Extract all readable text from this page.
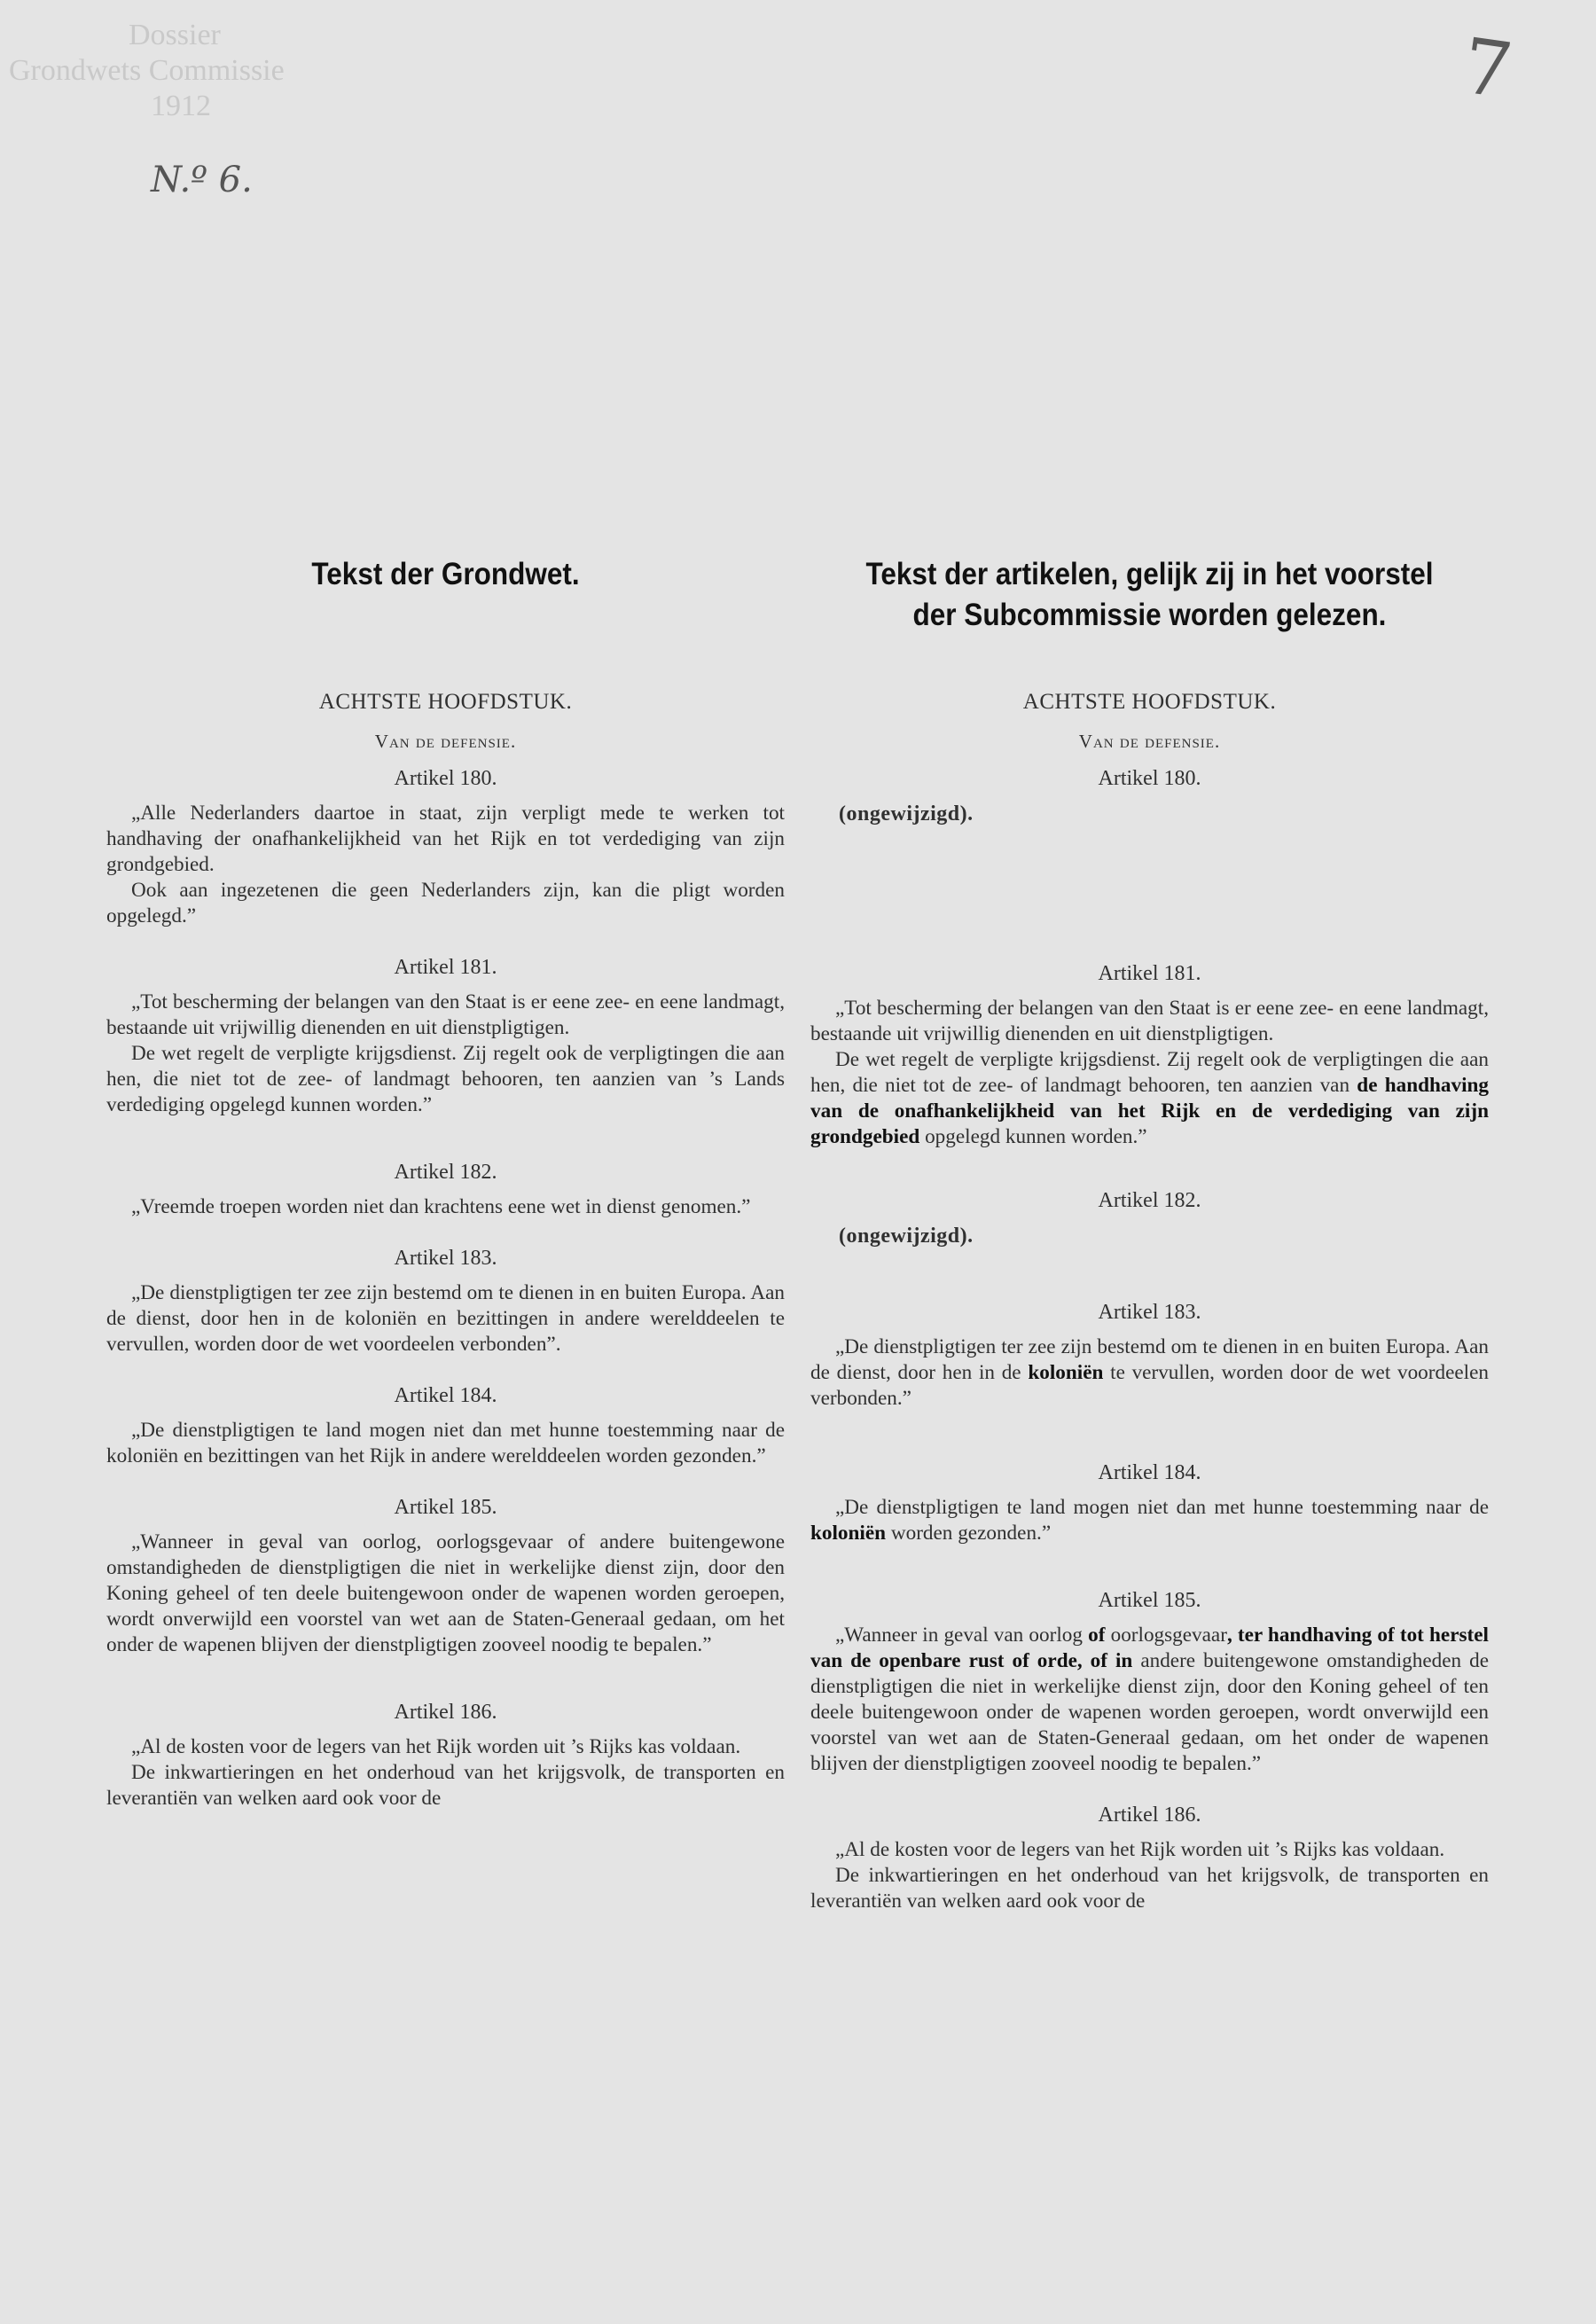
Dossier
Grondwets Commissie
1912
N.º 6.
7
Tekst der Grondwet.
ACHTSTE HOOFDSTUK.
Van de defensie.
Artikel 180.

„Alle Nederlanders daartoe in staat, zijn verpligt mede te werken tot handhaving der onafhankelijkheid van het Rijk en tot verdediging van zijn grondgebied.

Ook aan ingezetenen die geen Nederlanders zijn, kan die pligt worden opgelegd.”

Artikel 181.

„Tot bescherming der belangen van den Staat is er eene zee- en eene landmagt, bestaande uit vrijwillig dienenden en uit dienstpligtigen.

De wet regelt de verpligte krijgsdienst. Zij regelt ook de verpligtingen die aan hen, die niet tot de zee- of landmagt behooren, ten aanzien van ’s Lands verdediging opgelegd kunnen worden.”

Artikel 182.

„Vreemde troepen worden niet dan krachtens eene wet in dienst genomen.”

Artikel 183.

„De dienstpligtigen ter zee zijn bestemd om te dienen in en buiten Europa. Aan de dienst, door hen in de koloniën en bezittingen in andere werelddeelen te vervullen, worden door de wet voordeelen verbonden”.

Artikel 184.

„De dienstpligtigen te land mogen niet dan met hunne toestemming naar de koloniën en bezittingen van het Rijk in andere werelddeelen worden gezonden.”

Artikel 185.

„Wanneer in geval van oorlog, oorlogsgevaar of andere buitengewone omstandigheden de dienstpligtigen die niet in werkelijke dienst zijn, door den Koning geheel of ten deele buitengewoon onder de wapenen worden geroepen, wordt onverwijld een voorstel van wet aan de Staten-Generaal gedaan, om het onder de wapenen blijven der dienstpligtigen zooveel noodig te bepalen.”

Artikel 186.

„Al de kosten voor de legers van het Rijk worden uit ’s Rijks kas voldaan.

De inkwartieringen en het onderhoud van het krijgsvolk, de transporten en leverantiën van welken aard ook voor de

Tekst der artikelen, gelijk zij in het voorstel
der Subcommissie worden gelezen.
ACHTSTE HOOFDSTUK.
Van de defensie.
Artikel 180.
(ongewijzigd).
Artikel 181.

„Tot bescherming der belangen van den Staat is er eene zee- en eene landmagt, bestaande uit vrijwillig dienenden en uit dienstpligtigen.

De wet regelt de verpligte krijgsdienst. Zij regelt ook de verpligtingen die aan hen, die niet tot de zee- of landmagt behooren, ten aanzien van de handhaving van de onafhankelijkheid van het Rijk en de verdediging van zijn grondgebied opgelegd kunnen worden.”

Artikel 182.
(ongewijzigd).
Artikel 183.

„De dienstpligtigen ter zee zijn bestemd om te dienen in en buiten Europa. Aan de dienst, door hen in de koloniën te vervullen, worden door de wet voordeelen verbonden.”

Artikel 184.

„De dienstpligtigen te land mogen niet dan met hunne toestemming naar de koloniën worden gezonden.”

Artikel 185.

„Wanneer in geval van oorlog of oorlogsgevaar, ter handhaving of tot herstel van de openbare rust of orde, of in andere buitengewone omstandigheden de dienstpligtigen die niet in werkelijke dienst zijn, door den Koning geheel of ten deele buitengewoon onder de wapenen worden geroepen, wordt onverwijld een voorstel van wet aan de Staten-Generaal gedaan, om het onder de wapenen blijven der dienstpligtigen zooveel noodig te bepalen.”

Artikel 186.

„Al de kosten voor de legers van het Rijk worden uit ’s Rijks kas voldaan.

De inkwartieringen en het onderhoud van het krijgsvolk, de transporten en leverantiën van welken aard ook voor de
